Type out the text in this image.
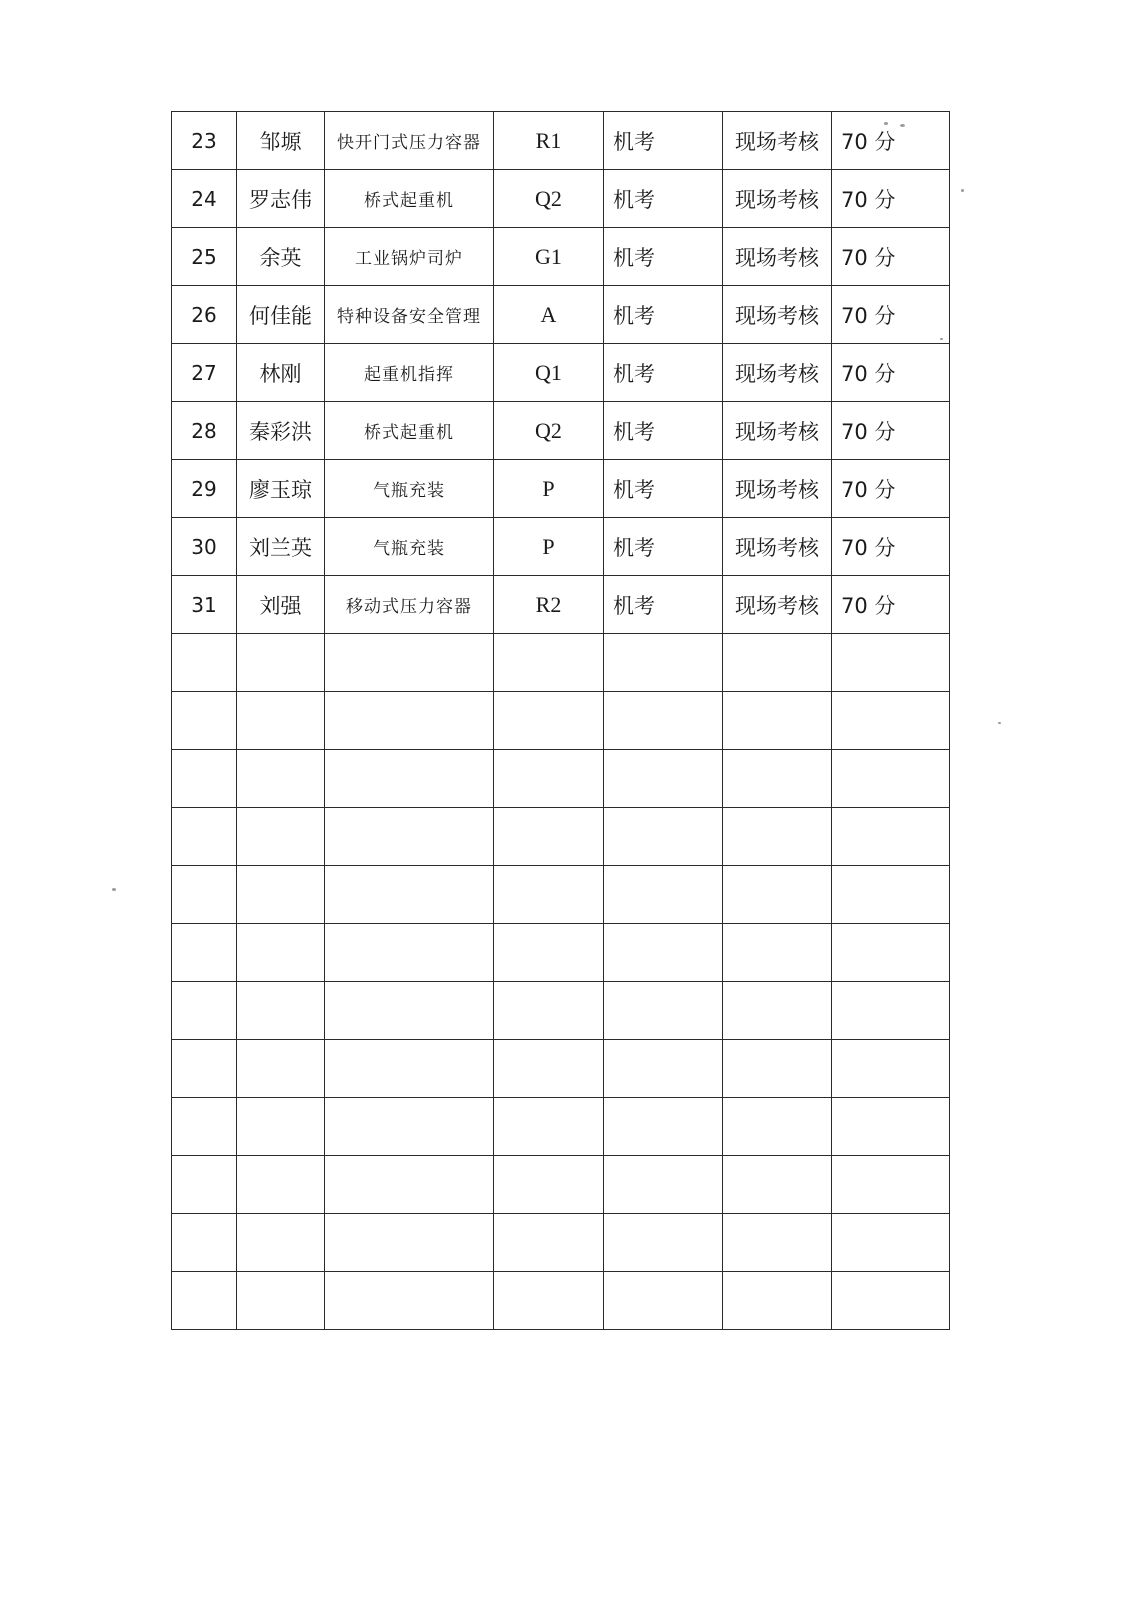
23	邹塬	快开门式压力容器	R1	机考	现场考核	70 分
24	罗志伟	桥式起重机	Q2	机考	现场考核	70 分
25	余英	工业锅炉司炉	G1	机考	现场考核	70 分
26	何佳能	特种设备安全管理	A	机考	现场考核	70 分
27	林刚	起重机指挥	Q1	机考	现场考核	70 分
28	秦彩洪	桥式起重机	Q2	机考	现场考核	70 分
29	廖玉琼	气瓶充装	P	机考	现场考核	70 分
30	刘兰英	气瓶充装	P	机考	现场考核	70 分
31	刘强	移动式压力容器	R2	机考	现场考核	70 分
